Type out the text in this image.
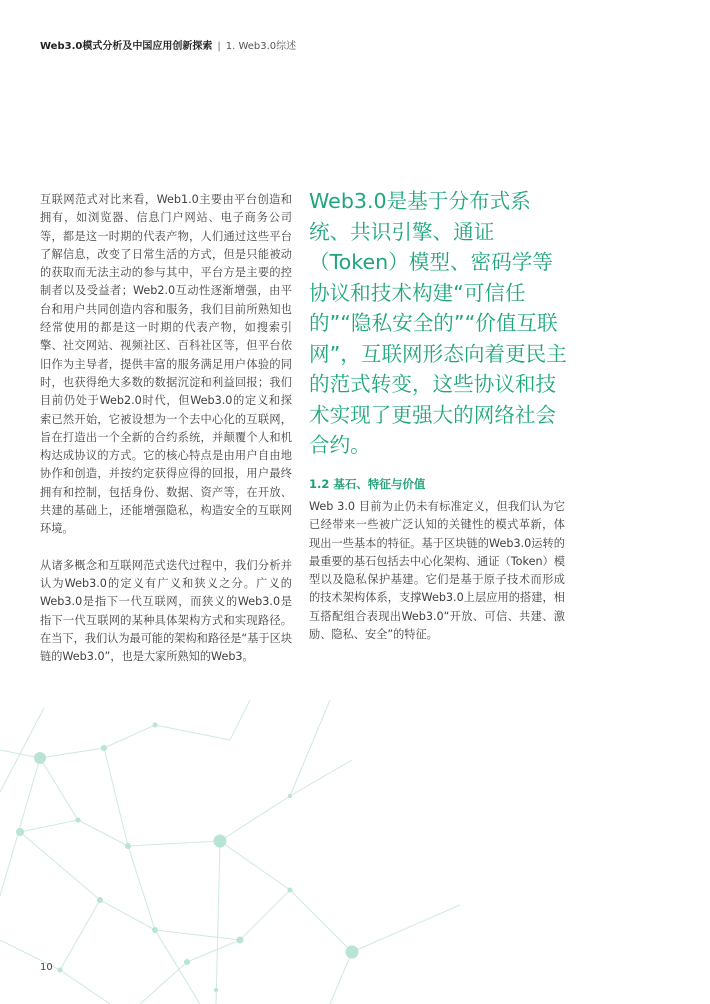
Web3.0模式分析及中国应用创新探索 | 1. Web3.0综述

互联网范式对比来看，Web1.0主要由平台创造和拥有，如浏览器、信息门户网站、电子商务公司等，都是这一时期的代表产物，人们通过这些平台了解信息，改变了日常生活的方式，但是只能被动的获取而无法主动的参与其中，平台方是主要的控制者以及受益者；Web2.0互动性逐渐增强，由平台和用户共同创造内容和服务，我们目前所熟知也经常使用的都是这一时期的代表产物，如搜索引擎、社交网站、视频社区、百科社区等，但平台依旧作为主导者，提供丰富的服务满足用户体验的同时，也获得绝大多数的数据沉淀和利益回报；我们目前仍处于Web2.0时代，但Web3.0的定义和探索已然开始，它被设想为一个去中心化的互联网，旨在打造出一个全新的合约系统，并颠覆个人和机构达成协议的方式。它的核心特点是由用户自由地协作和创造，并按约定获得应得的回报，用户最终拥有和控制，包括身份、数据、资产等，在开放、共建的基础上，还能增强隐私，构造安全的互联网环境。

从诸多概念和互联网范式迭代过程中，我们分析并认为Web3.0的定义有广义和狭义之分。广义的Web3.0是指下一代互联网，而狭义的Web3.0是指下一代互联网的某种具体架构方式和实现路径。在当下，我们认为最可能的架构和路径是“基于区块链的Web3.0”，也是大家所熟知的Web3。

Web3.0是基于分布式系统、共识引擎、通证（Token）模型、密码学等协议和技术构建“可信任的”“隐私安全的”“价值互联网”，互联网形态向着更民主的范式转变，这些协议和技术实现了更强大的网络社会合约。

1.2 基石、特征与价值

Web 3.0 目前为止仍未有标准定义，但我们认为它已经带来一些被广泛认知的关键性的模式革新，体现出一些基本的特征。基于区块链的Web3.0运转的最重要的基石包括去中心化架构、通证（Token）模型以及隐私保护基建。它们是基于原子技术而形成的技术架构体系，支撑Web3.0上层应用的搭建，相互搭配组合表现出Web3.0“开放、可信、共建、激励、隐私、安全”的特征。

10
